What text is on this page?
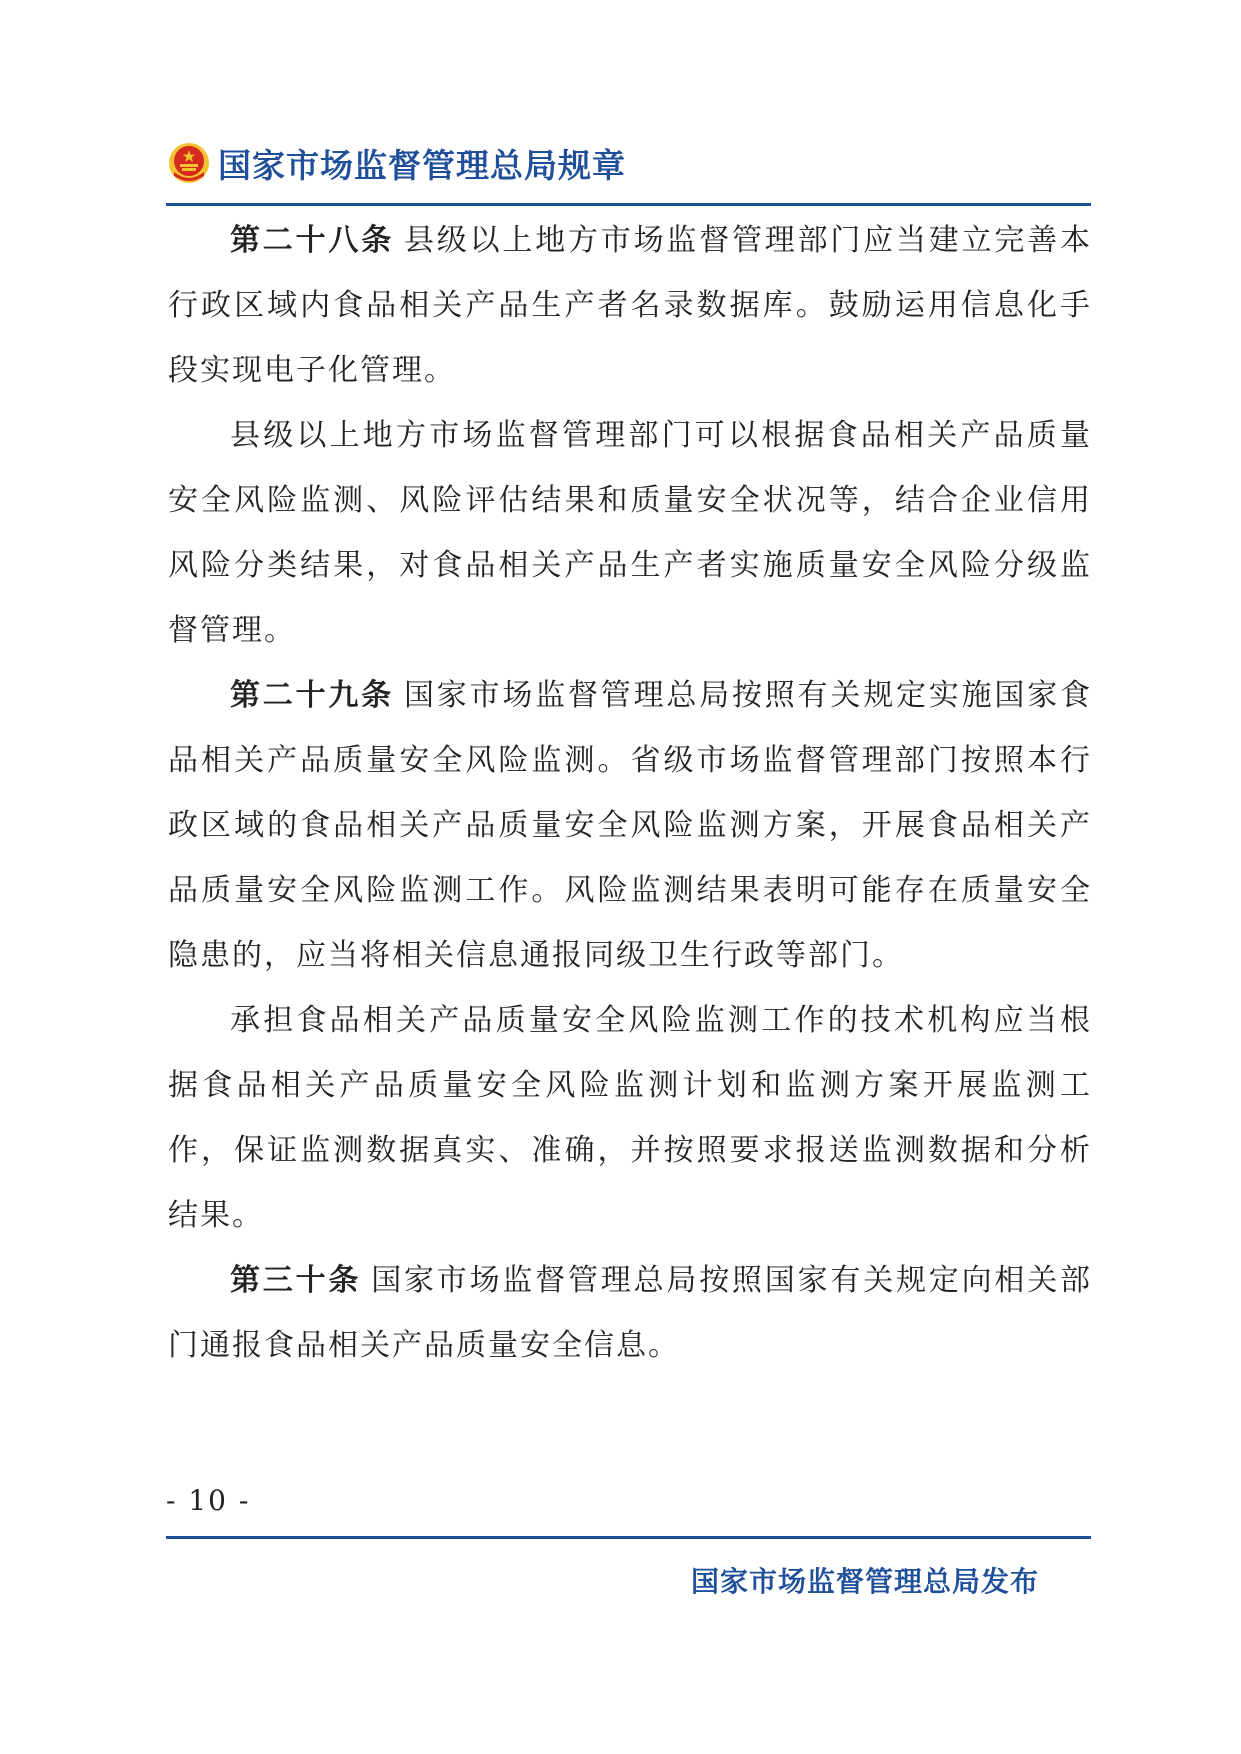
国家市场监督管理总局规章

第二十八条 县级以上地方市场监督管理部门应当建立完善本行政区域内食品相关产品生产者名录数据库。鼓励运用信息化手段实现电子化管理。

县级以上地方市场监督管理部门可以根据食品相关产品质量安全风险监测、风险评估结果和质量安全状况等，结合企业信用风险分类结果，对食品相关产品生产者实施质量安全风险分级监督管理。

第二十九条 国家市场监督管理总局按照有关规定实施国家食品相关产品质量安全风险监测。省级市场监督管理部门按照本行政区域的食品相关产品质量安全风险监测方案，开展食品相关产品质量安全风险监测工作。风险监测结果表明可能存在质量安全隐患的，应当将相关信息通报同级卫生行政等部门。

承担食品相关产品质量安全风险监测工作的技术机构应当根据食品相关产品质量安全风险监测计划和监测方案开展监测工作，保证监测数据真实、准确，并按照要求报送监测数据和分析结果。

第三十条 国家市场监督管理总局按照国家有关规定向相关部门通报食品相关产品质量安全信息。

- 10 -
国家市场监督管理总局发布
